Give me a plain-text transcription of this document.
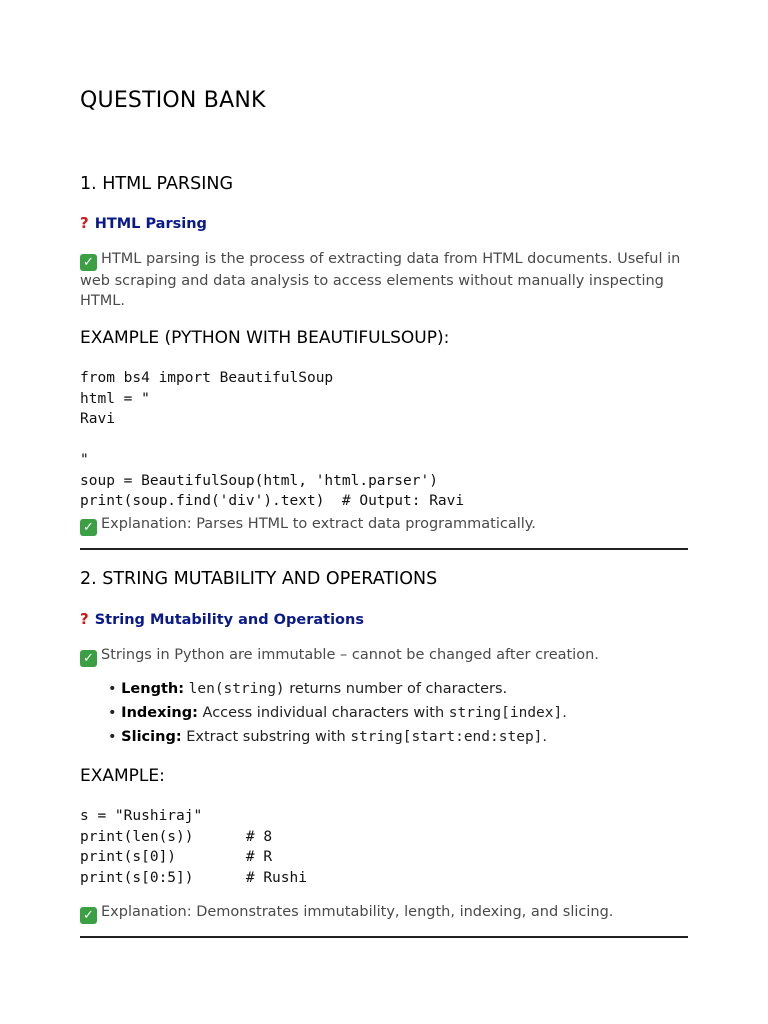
QUESTION BANK
1. HTML PARSING
? HTML Parsing
✓ HTML parsing is the process of extracting data from HTML documents. Useful in web scraping and data analysis to access elements without manually inspecting HTML.
EXAMPLE (PYTHON WITH BEAUTIFULSOUP):
from bs4 import BeautifulSoup
html = "
Ravi

"
soup = BeautifulSoup(html, 'html.parser')
print(soup.find('div').text)  # Output: Ravi
✓ Explanation: Parses HTML to extract data programmatically.
2. STRING MUTABILITY AND OPERATIONS
? String Mutability and Operations
✓ Strings in Python are immutable – cannot be changed after creation.
• Length: len(string) returns number of characters.
• Indexing: Access individual characters with string[index].
• Slicing: Extract substring with string[start:end:step].
EXAMPLE:
s = "Rushiraj"
print(len(s))      # 8
print(s[0])        # R
print(s[0:5])      # Rushi
✓ Explanation: Demonstrates immutability, length, indexing, and slicing.
